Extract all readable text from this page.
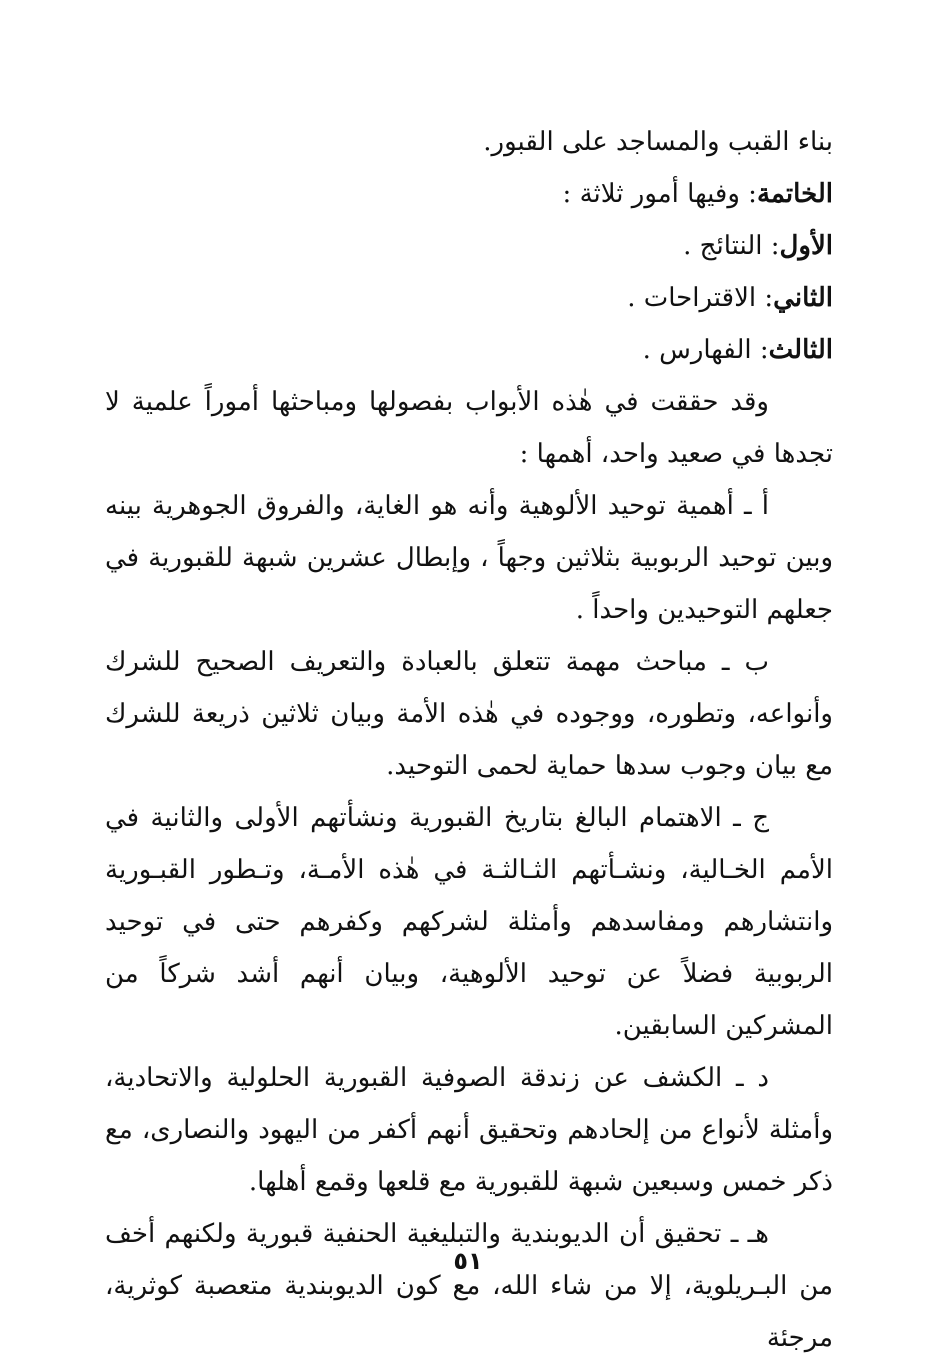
بناء القبب والمساجد على القبور.

الخاتمة: وفيها أمور ثلاثة :

الأول: النتائج .

الثاني: الاقتراحات .

الثالث: الفهارس .

وقد حققت في هٰذه الأبواب بفصولها ومباحثها أموراً علمية لا تجدها في صعيد واحد، أهمها :

أ ـ أهمية توحيد الألوهية وأنه هو الغاية، والفروق الجوهرية بينه وبين توحيد الربوبية بثلاثين وجهاً ، وإبطال عشرين شبهة للقبورية في جعلهم التوحيدين واحداً .

ب ـ مباحث مهمة تتعلق بالعبادة والتعريف الصحيح للشرك وأنواعه، وتطوره، ووجوده في هٰذه الأمة وبيان ثلاثين ذريعة للشرك مع بيان وجوب سدها حماية لحمى التوحيد.

ج ـ الاهتمام البالغ بتاريخ القبورية ونشأتهم الأولى والثانية في الأمم الخـالية، ونشـأتهم الثـالثـة في هٰذه الأمـة، وتـطور القبـورية وانتشارهم ومفاسدهم وأمثلة لشركهم وكفرهم حتى في توحيد الربوبية فضلاً عن توحيد الألوهية، وبيان أنهم أشد شركاً من المشركين السابقين.

د ـ الكشف عن زندقة الصوفية القبورية الحلولية والاتحادية، وأمثلة لأنواع من إلحادهم وتحقيق أنهم أكفر من اليهود والنصارى، مع ذكر خمس وسبعين شبهة للقبورية مع قلعها وقمع أهلها.

هـ ـ تحقيق أن الديوبندية والتبليغية الحنفية قبورية ولكنهم أخف من البـريلوية، إلا من شاء الله، مع كون الديوبندية متعصبة كوثرية، مرجئة

٥١
